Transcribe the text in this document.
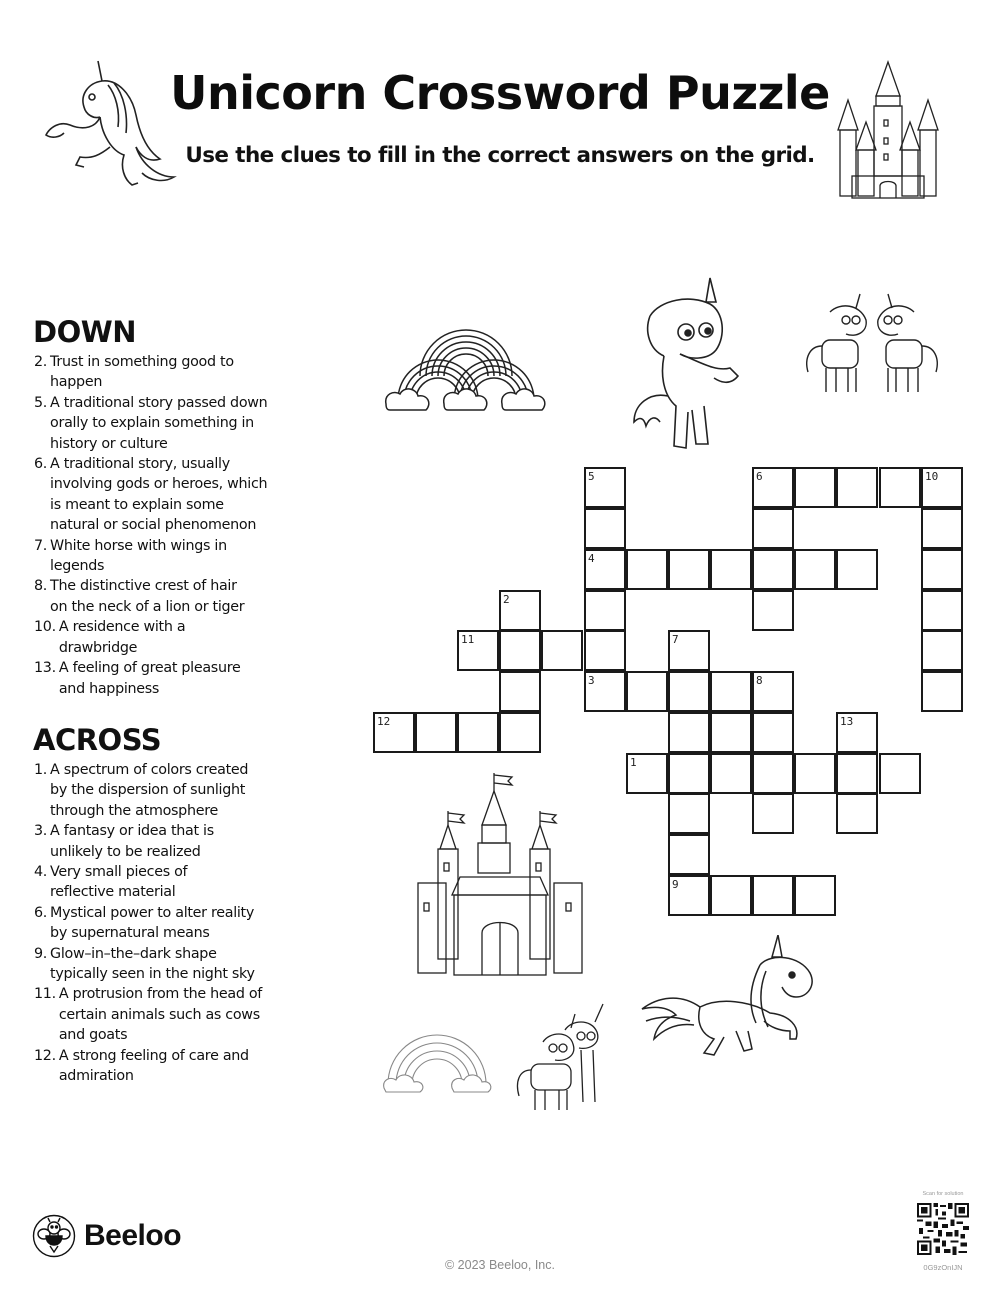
Unicorn Crossword Puzzle
Use the clues to fill in the correct answers on the grid.
DOWN
2. Trust in something good to happen
5. A traditional story passed down orally to explain something in history or culture
6. A traditional story, usually involving gods or heroes, which is meant to explain some natural or social phenomenon
7. White horse with wings in legends
8. The distinctive crest of hair on the neck of a lion or tiger
10. A residence with a drawbridge
13. A feeling of great pleasure and happiness
ACROSS
1. A spectrum of colors created by the dispersion of sunlight through the atmosphere
3. A fantasy or idea that is unlikely to be realized
4. Very small pieces of reflective material
6. Mystical power to alter reality by supernatural means
9. Glow–in–the–dark shape typically seen in the night sky
11. A protrusion from the head of certain animals such as cows and goats
12. A strong feeling of care and admiration
5	6	10
4
2
11	7
3	8
12	13
1
9
Beeloo
© 2023 Beeloo, Inc.
Scan for solution
0G9zOnIJN
